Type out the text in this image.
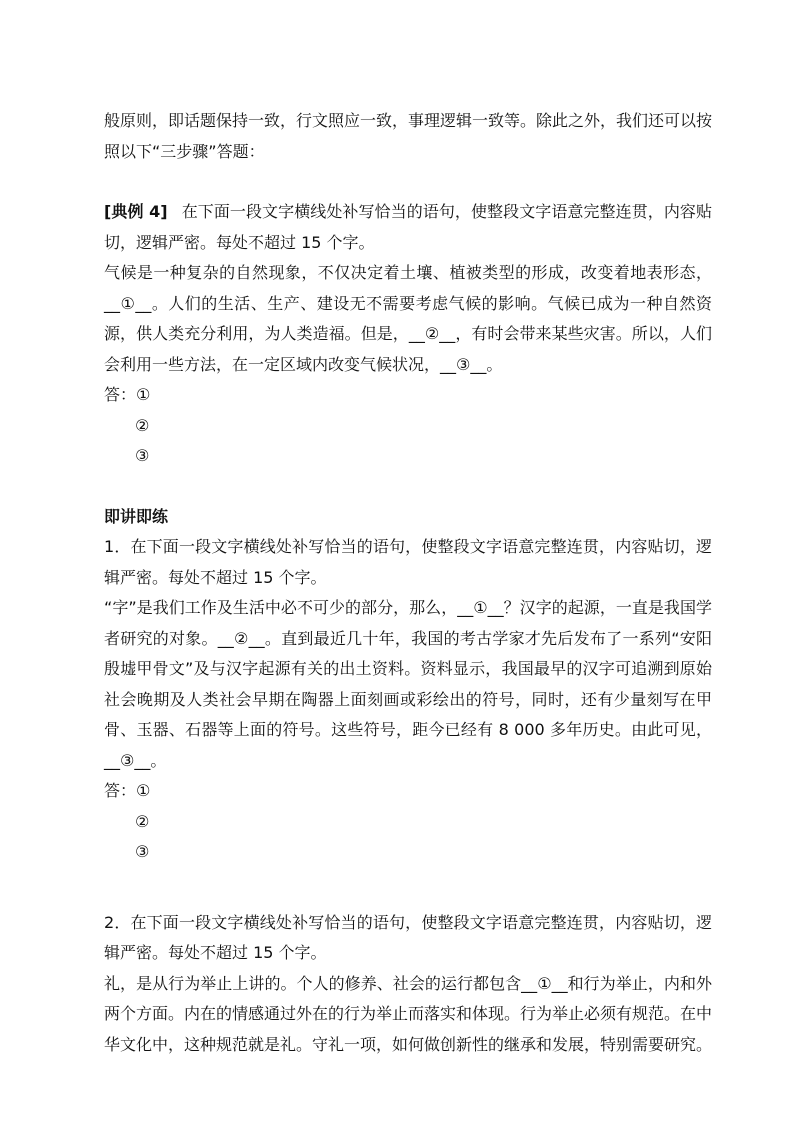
般原则，即话题保持一致，行文照应一致，事理逻辑一致等。除此之外，我们还可以按

照以下“三步骤”答题：

[典例 4] 在下面一段文字横线处补写恰当的语句，使整段文字语意完整连贯，内容贴切，逻辑严密。每处不超过 15 个字。

气候是一种复杂的自然现象，不仅决定着土壤、植被类型的形成，改变着地表形态，__①__。人们的生活、生产、建设无不需要考虑气候的影响。气候已成为一种自然资源，供人类充分利用，为人类造福。但是，__②__，有时会带来某些灾害。所以，人们会利用一些方法，在一定区域内改变气候状况，__③__。

答：①

②

③

即讲即练

1．在下面一段文字横线处补写恰当的语句，使整段文字语意完整连贯，内容贴切，逻辑严密。每处不超过 15 个字。

“字”是我们工作及生活中必不可少的部分，那么，__①__？汉字的起源，一直是我国学者研究的对象。__②__。直到最近几十年，我国的考古学家才先后发布了一系列“安阳殷墟甲骨文”及与汉字起源有关的出土资料。资料显示，我国最早的汉字可追溯到原始社会晚期及人类社会早期在陶器上面刻画或彩绘出的符号，同时，还有少量刻写在甲骨、玉器、石器等上面的符号。这些符号，距今已经有 8 000 多年历史。由此可见，__③__。

答：①

②

③

2．在下面一段文字横线处补写恰当的语句，使整段文字语意完整连贯，内容贴切，逻辑严密。每处不超过 15 个字。

礼，是从行为举止上讲的。个人的修养、社会的运行都包含__①__和行为举止，内和外两个方面。内在的情感通过外在的行为举止而落实和体现。行为举止必须有规范。在中华文化中，这种规范就是礼。守礼一项，如何做创新性的继承和发展，特别需要研究。
